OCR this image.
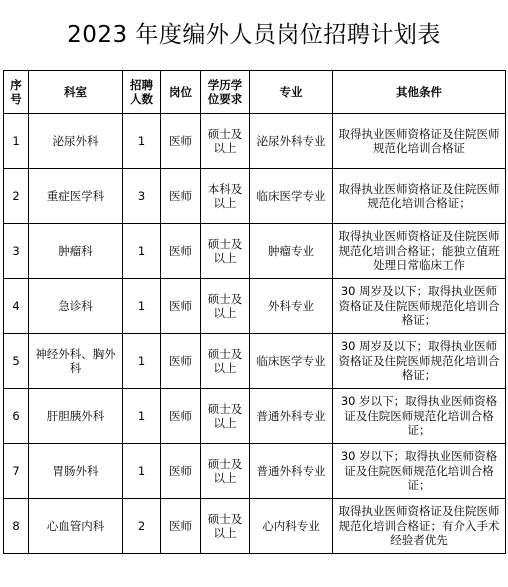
2023 年度编外人员岗位招聘计划表
序号	科室	招聘人数	岗位	学历学位要求	专业	其他条件
1	泌尿外科	1	医师	硕士及以上	泌尿外科专业	取得执业医师资格证及住院医师规范化培训合格证
2	重症医学科	3	医师	本科及以上	临床医学专业	取得执业医师资格证及住院医师规范化培训合格证；
3	肿瘤科	1	医师	硕士及以上	肿瘤专业	取得执业医师资格证及住院医师规范化培训合格证；能独立值班处理日常临床工作
4	急诊科	1	医师	硕士及以上	外科专业	30 周岁及以下；取得执业医师资格证及住院医师规范化培训合格证；
5	神经外科、胸外科	1	医师	硕士及以上	临床医学专业	30 周岁及以下；取得执业医师资格证及住院医师规范化培训合格证；
6	肝胆胰外科	1	医师	硕士及以上	普通外科专业	30 岁以下；取得执业医师资格证及住院医师规范化培训合格证；
7	胃肠外科	1	医师	硕士及以上	普通外科专业	30 岁以下；取得执业医师资格证及住院医师规范化培训合格证；
8	心血管内科	2	医师	硕士及以上	心内科专业	取得执业医师资格证及住院医师规范化培训合格证；有介入手术经验者优先
